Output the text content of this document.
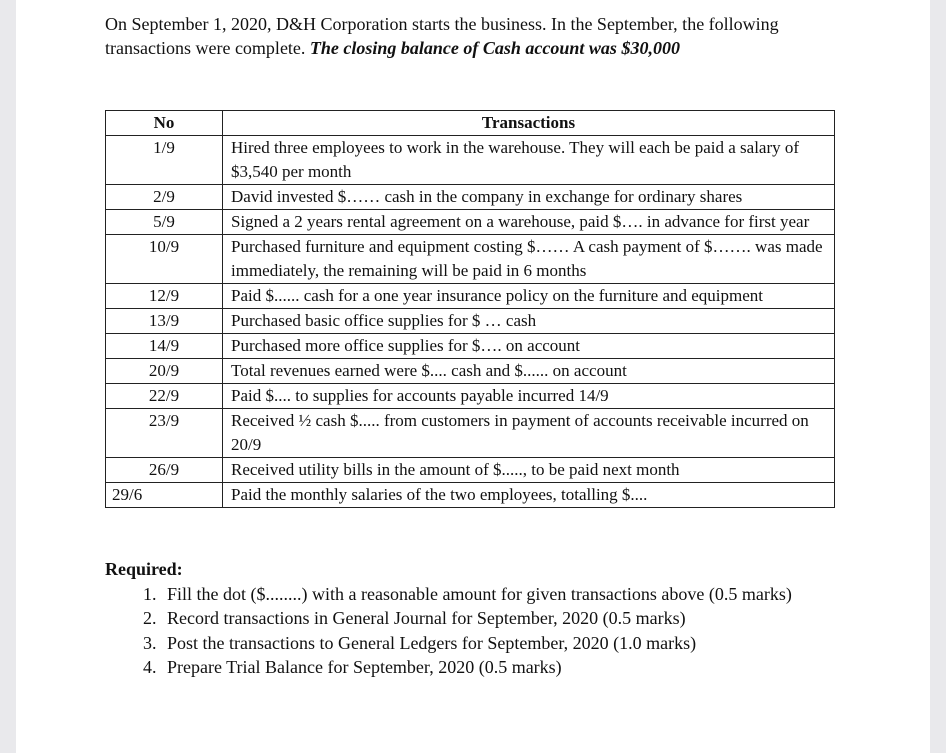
On September 1, 2020, D&H Corporation starts the business. In the September, the following transactions were complete. The closing balance of Cash account was $30,000
No	Transactions
1/9	Hired three employees to work in the warehouse. They will each be paid a salary of $3,540 per month
2/9	David invested $…… cash in the company in exchange for ordinary shares
5/9	Signed a 2 years rental agreement on a warehouse, paid $…. in advance for first year
10/9	Purchased furniture and equipment costing $…… A cash payment of $……. was made immediately, the remaining will be paid in 6 months
12/9	Paid $...... cash for a one year insurance policy on the furniture and equipment
13/9	Purchased basic office supplies for $ … cash
14/9	Purchased more office supplies for $…. on account
20/9	Total revenues earned were $.... cash and $...... on account
22/9	Paid $.... to supplies for accounts payable incurred 14/9
23/9	Received ½ cash $..... from customers in payment of accounts receivable incurred on 20/9
26/9	Received utility bills in the amount of $....., to be paid next month
29/6	Paid the monthly salaries of the two employees, totalling $....
Required:
1. Fill the dot ($........) with a reasonable amount for given transactions above (0.5 marks)
2. Record transactions in General Journal for September, 2020 (0.5 marks)
3. Post the transactions to General Ledgers for September, 2020 (1.0 marks)
4. Prepare Trial Balance for September, 2020 (0.5 marks)
